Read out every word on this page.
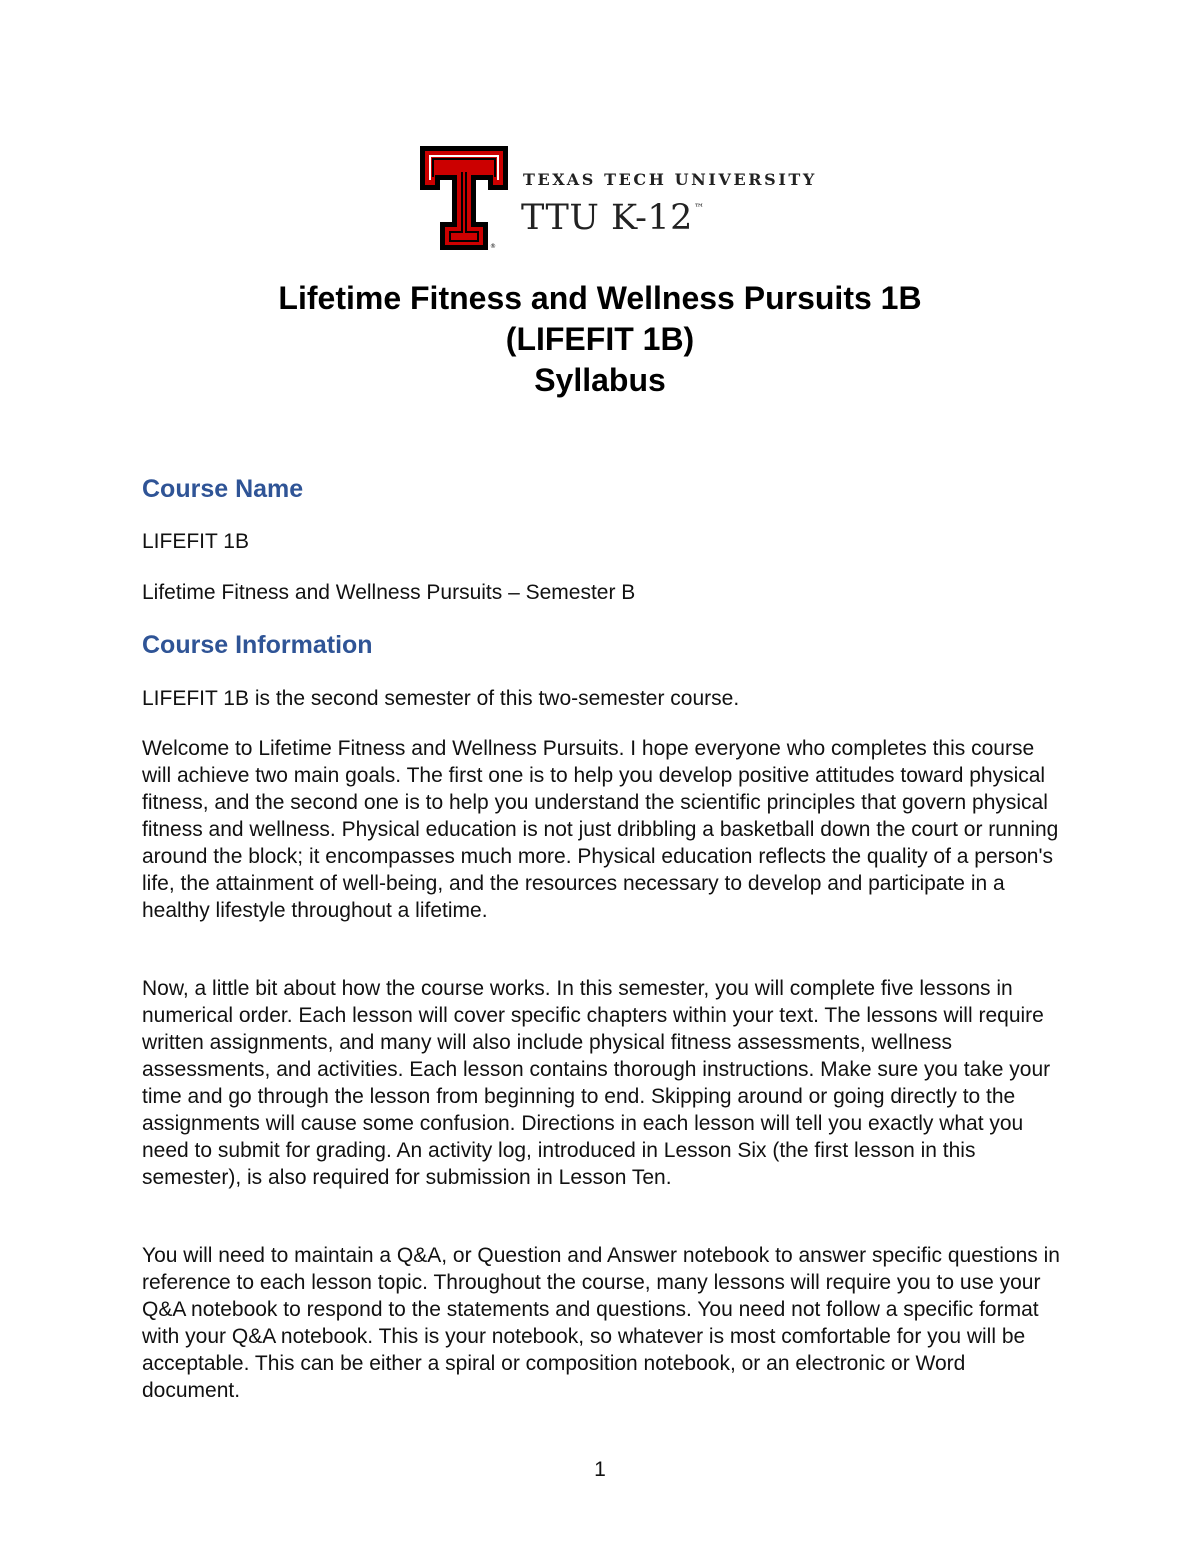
®
TEXAS TECH UNIVERSITY
TTU K-12™
Lifetime Fitness and Wellness Pursuits 1B
(LIFEFIT 1B)
Syllabus
Course Name

LIFEFIT 1B

Lifetime Fitness and Wellness Pursuits – Semester B

Course Information

LIFEFIT 1B is the second semester of this two-semester course.

Welcome to Lifetime Fitness and Wellness Pursuits. I hope everyone who completes this course will achieve two main goals. The first one is to help you develop positive attitudes toward physical fitness, and the second one is to help you understand the scientific principles that govern physical fitness and wellness. Physical education is not just dribbling a basketball down the court or running around the block; it encompasses much more. Physical education reflects the quality of a person's life, the attainment of well-being, and the resources necessary to develop and participate in a healthy lifestyle throughout a lifetime.

Now, a little bit about how the course works. In this semester, you will complete five lessons in numerical order. Each lesson will cover specific chapters within your text. The lessons will require written assignments, and many will also include physical fitness assessments, wellness assessments, and activities. Each lesson contains thorough instructions. Make sure you take your time and go through the lesson from beginning to end. Skipping around or going directly to the assignments will cause some confusion. Directions in each lesson will tell you exactly what you need to submit for grading. An activity log, introduced in Lesson Six (the first lesson in this semester), is also required for submission in Lesson Ten.

You will need to maintain a Q&A, or Question and Answer notebook to answer specific questions in reference to each lesson topic. Throughout the course, many lessons will require you to use your Q&A notebook to respond to the statements and questions. You need not follow a specific format with your Q&A notebook. This is your notebook, so whatever is most comfortable for you will be acceptable. This can be either a spiral or composition notebook, or an electronic or Word document.

1
